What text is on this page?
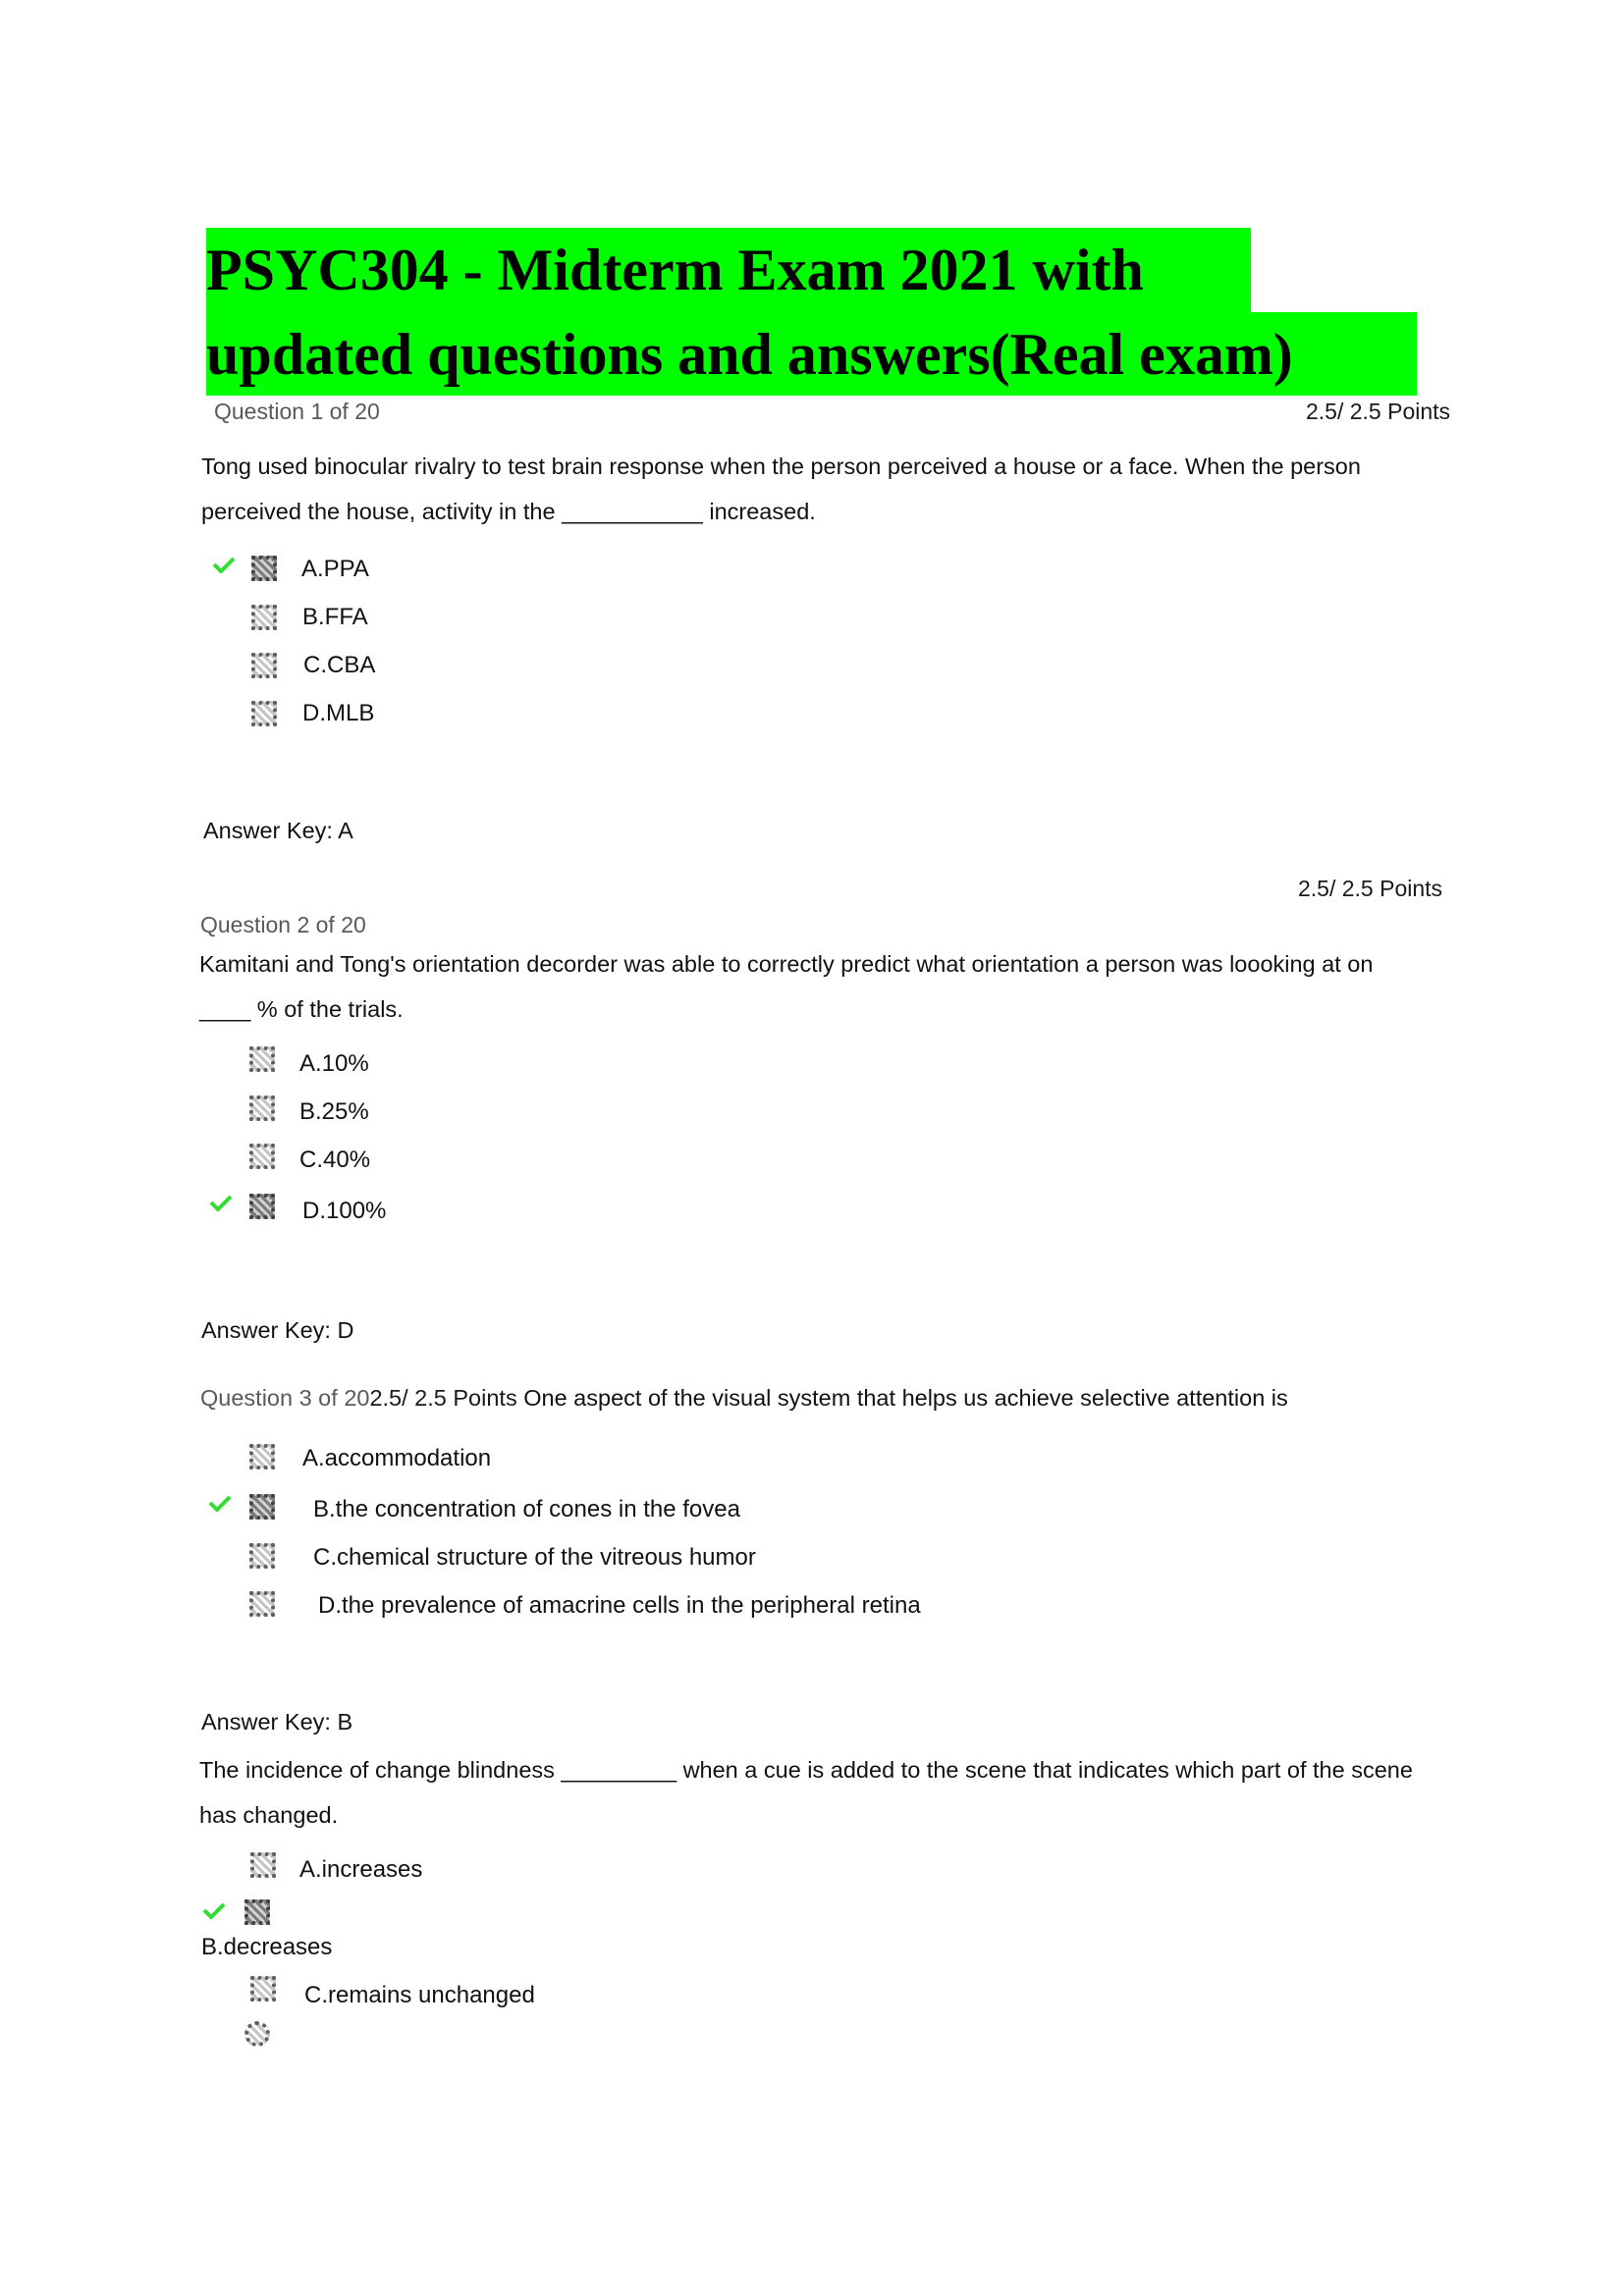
PSYC304 - Midterm Exam 2021 with
updated questions and answers(Real exam)
Question 1 of 20	2.5/ 2.5 Points
Tong used binocular rivalry to test brain response when the person perceived a house or a face. When the person
perceived the house, activity in the ___________ increased.
A.PPA
B.FFA
C.CBA
D.MLB
Answer Key: A
2.5/ 2.5 Points
Question 2 of 20
Kamitani and Tong's orientation decorder was able to correctly predict what orientation a person was loooking at on
____ % of the trials.
A.10%
B.25%
C.40%
D.100%
Answer Key: D
Question 3 of 202.5/ 2.5 Points One aspect of the visual system that helps us achieve selective attention is
A.accommodation
B.the concentration of cones in the fovea
C.chemical structure of the vitreous humor
D.the prevalence of amacrine cells in the peripheral retina
Answer Key: B
The incidence of change blindness _________ when a cue is added to the scene that indicates which part of the scene
has changed.
A.increases
B.decreases
C.remains unchanged
